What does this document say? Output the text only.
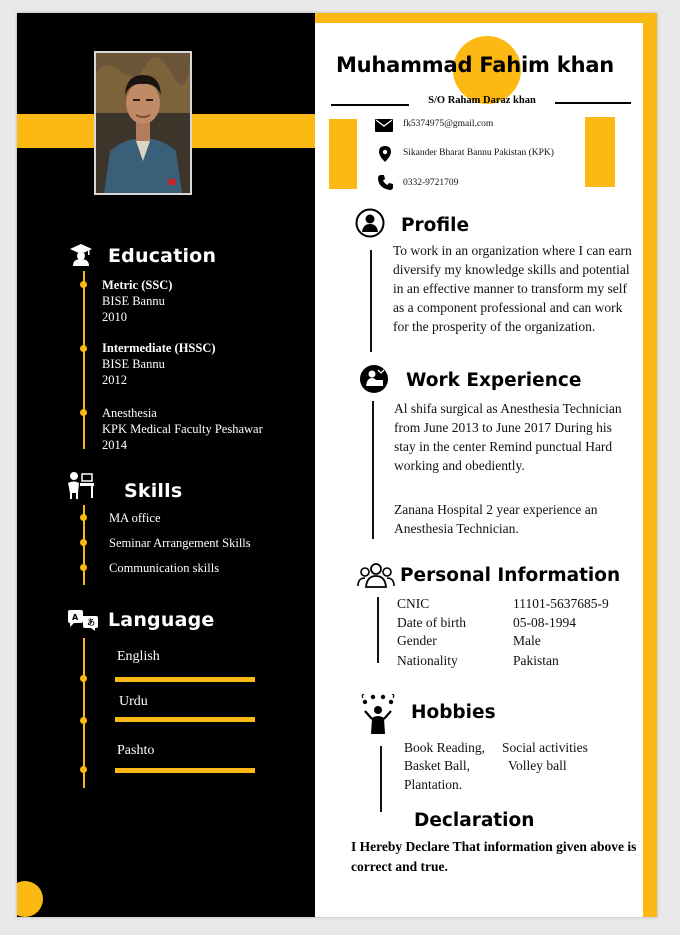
Education
Metric (SSC)
BISE Bannu
2010
Intermediate (HSSC)
BISE Bannu
2012
Anesthesia
KPK Medical Faculty Peshawar
2014
Skills
MA office
Seminar Arrangement Skills
Communication skills
A
あ Language
English
Urdu
Pashto
Muhammad Fahim khan
S/O Raham Daraz khan
fk5374975@gmail.com
Sikander Bharat Bannu Pakistan (KPK)
0332-9721709
Profile
To work in an organization where I can earn diversify my knowledge skills and potential in an effective manner to transform my self as a component professional and can work for the prosperity of the organization.
Work Experience
Al shifa surgical as Anesthesia Technician from June 2013 to June 2017 During his stay in the center Remind punctual Hard working and obediently.
Zanana Hospital 2 year experience an Anesthesia Technician.
Personal Information
CNIC	11101-5637685-9
Date of birth	05-08-1994
Gender	Male
Nationality	Pakistan
Hobbies
Book Reading,
Basket Ball,
Plantation.
Social activities
Volley ball
Declaration
I Hereby Declare That information given above is correct and true.
